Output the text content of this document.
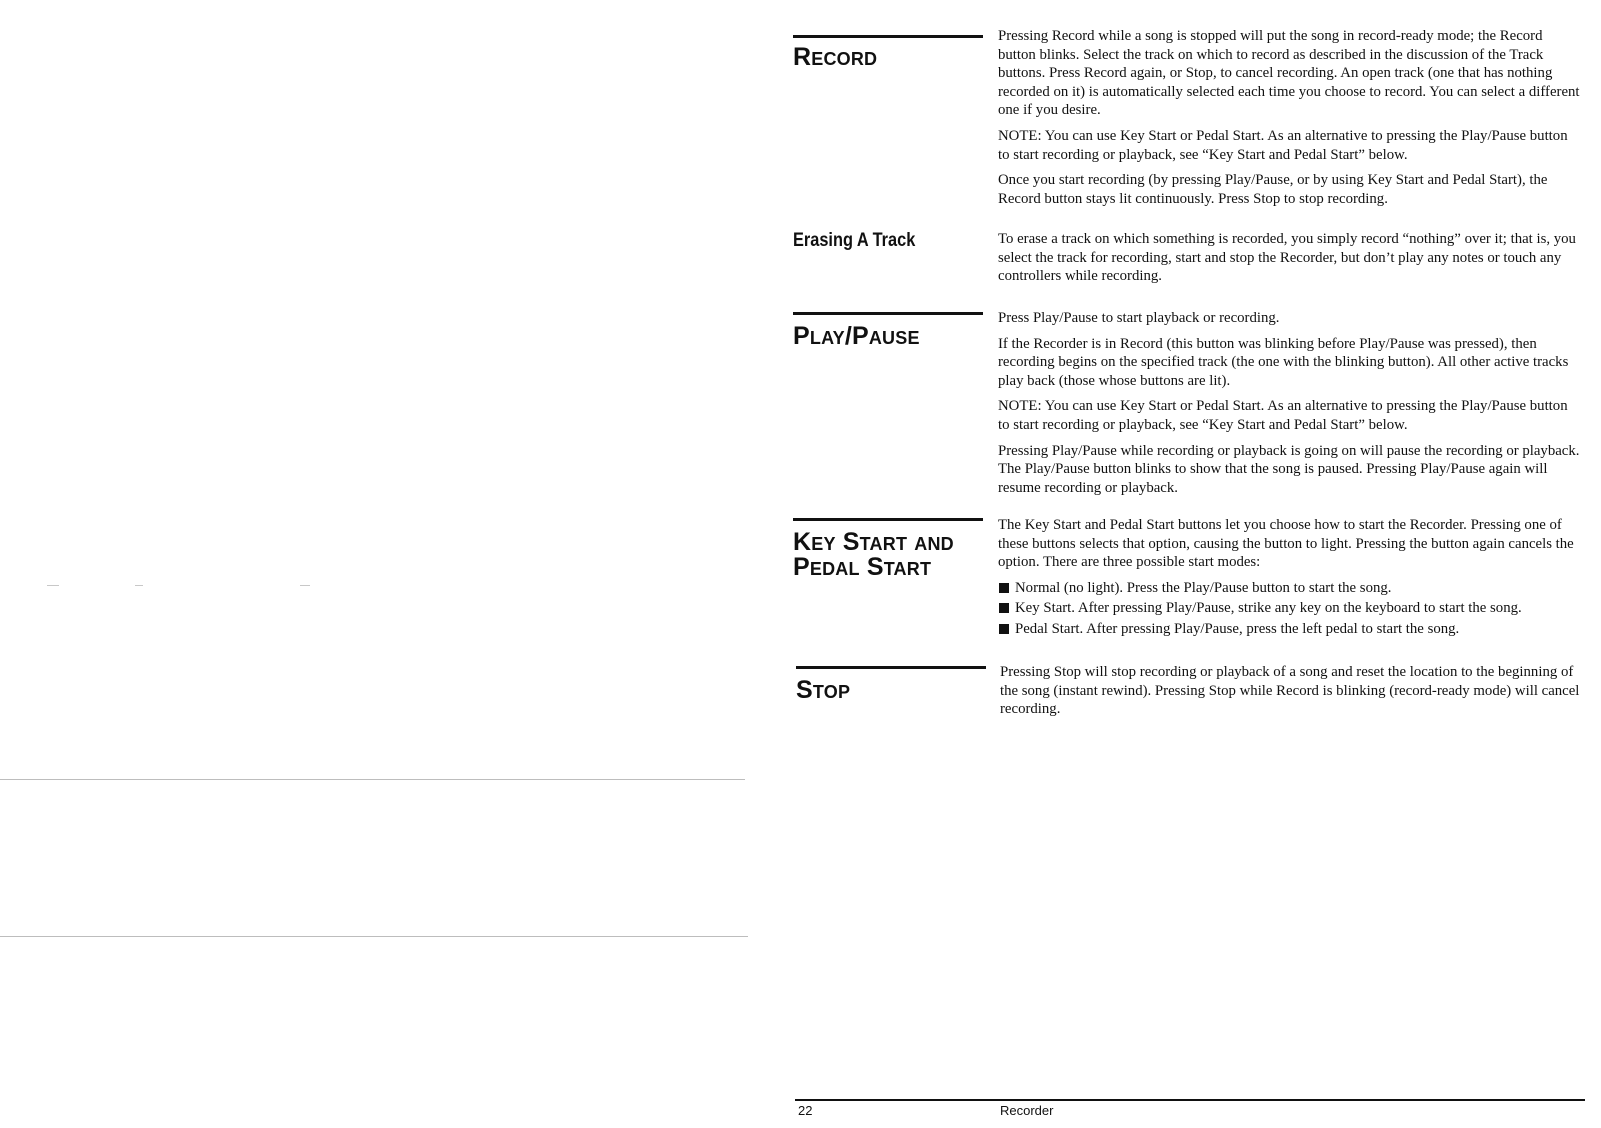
Record

Pressing Record while a song is stopped will put the song in record-ready mode; the Record button blinks. Select the track on which to record as described in the discussion of the Track buttons. Press Record again, or Stop, to cancel recording. An open track (one that has nothing recorded on it) is automatically selected each time you choose to record. You can select a different one if you desire.

NOTE: You can use Key Start or Pedal Start. As an alternative to pressing the Play/Pause button to start recording or playback, see “Key Start and Pedal Start” below.

Once you start recording (by pressing Play/Pause, or by using Key Start and Pedal Start), the Record button stays lit continuously. Press Stop to stop recording.

Erasing A Track	To erase a track on which something is recorded, you simply record “nothing” over it; that is, you select the track for recording, start and stop the Recorder, but don’t play any notes or touch any controllers while recording.

Play/Pause

Press Play/Pause to start playback or recording.

If the Recorder is in Record (this button was blinking before Play/Pause was pressed), then recording begins on the specified track (the one with the blinking button). All other active tracks play back (those whose buttons are lit).

NOTE: You can use Key Start or Pedal Start. As an alternative to pressing the Play/Pause button to start recording or playback, see “Key Start and Pedal Start” below.

Pressing Play/Pause while recording or playback is going on will pause the recording or playback. The Play/Pause button blinks to show that the song is paused. Pressing Play/Pause again will resume recording or playback.

Key Start and
Pedal Start

The Key Start and Pedal Start buttons let you choose how to start the Recorder. Pressing one of these buttons selects that option, causing the button to light. Pressing the button again cancels the option. There are three possible start modes:

Normal (no light). Press the Play/Pause button to start the song.
Key Start. After pressing Play/Pause, strike any key on the keyboard to start the song.
Pedal Start. After pressing Play/Pause, press the left pedal to start the song.
Stop

Pressing Stop will stop recording or playback of a song and reset the location to the beginning of the song (instant rewind). Pressing Stop while Record is blinking (record-ready mode) will cancel recording.

22	Recorder
